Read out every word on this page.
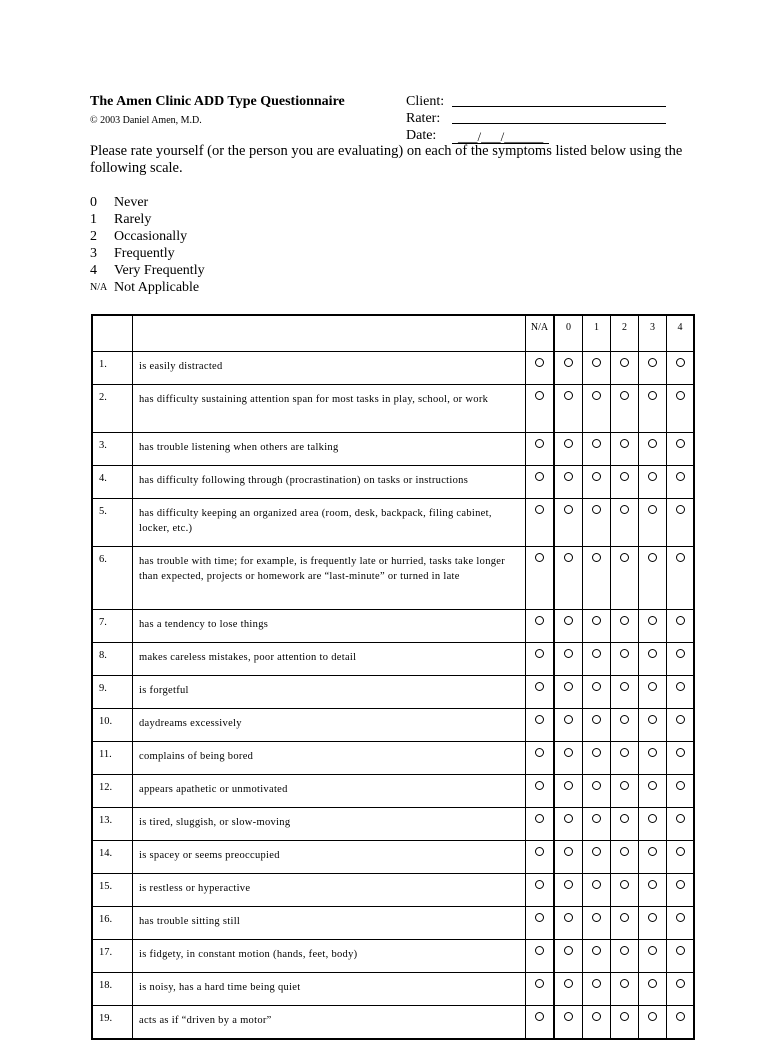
The Amen Clinic ADD Type Questionnaire
© 2003 Daniel Amen, M.D.
Client:
Rater:
Date:	___/___/______
Please rate yourself (or the person you are evaluating) on each of the symptoms listed below using the following scale.
0	Never
1	Rarely
2	Occasionally
3	Frequently
4	Very Frequently
N/A Not Applicable
		N/A	0	1	2	3	4
1.	is easily distracted						
2.	has difficulty sustaining attention span for most tasks in play, school, or work						
3.	has trouble listening when others are talking						
4.	has difficulty following through (procrastination) on tasks or instructions						
5.	has difficulty keeping an organized area (room, desk, backpack, filing cabinet, locker, etc.)						
6.	has trouble with time; for example, is frequently late or hurried, tasks take longer than expected, projects or homework are “last-minute” or turned in late						
7.	has a tendency to lose things						
8.	makes careless mistakes, poor attention to detail						
9.	is forgetful						
10.	daydreams excessively						
11.	complains of being bored						
12.	appears apathetic or unmotivated						
13.	is tired, sluggish, or slow-moving						
14.	is spacey or seems preoccupied						
15.	is restless or hyperactive						
16.	has trouble sitting still						
17.	is fidgety, in constant motion (hands, feet, body)						
18.	is noisy, has a hard time being quiet						
19.	acts as if “driven by a motor”						
